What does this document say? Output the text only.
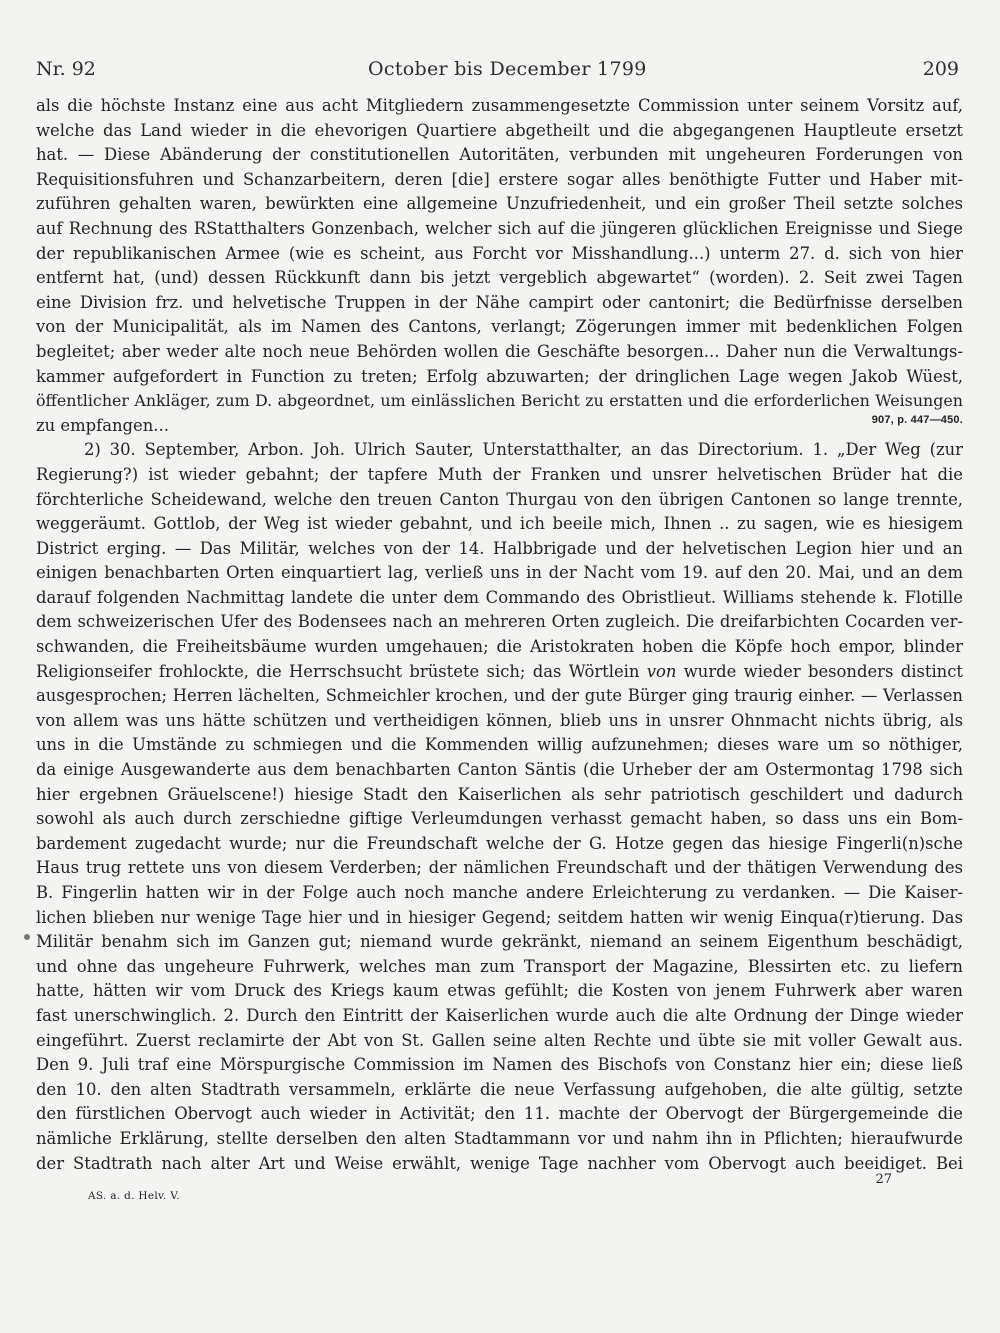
Nr. 92	October bis December 1799	209
als die höchste Instanz eine aus acht Mitgliedern zusammengesetzte Commission unter seinem Vorsitz auf,
welche das Land wieder in die ehevorigen Quartiere abgetheilt und die abgegangenen Hauptleute ersetzt
hat. — Diese Abänderung der constitutionellen Autoritäten, verbunden mit ungeheuren Forderungen von
Requisitionsfuhren und Schanzarbeitern, deren [die] erstere sogar alles benöthigte Futter und Haber mit-
zuführen gehalten waren, bewürkten eine allgemeine Unzufriedenheit, und ein großer Theil setzte solches
auf Rechnung des RStatthalters Gonzenbach, welcher sich auf die jüngeren glücklichen Ereignisse und Siege
der republikanischen Armee (wie es scheint, aus Forcht vor Misshandlung...) unterm 27. d. sich von hier
entfernt hat, (und) dessen Rückkunft dann bis jetzt vergeblich abgewartet“ (worden). 2. Seit zwei Tagen
eine Division frz. und helvetische Truppen in der Nähe campirt oder cantonirt; die Bedürfnisse derselben
von der Municipalität, als im Namen des Cantons, verlangt; Zögerungen immer mit bedenklichen Folgen
begleitet; aber weder alte noch neue Behörden wollen die Geschäfte besorgen... Daher nun die Verwaltungs-
kammer aufgefordert in Function zu treten; Erfolg abzuwarten; der dringlichen Lage wegen Jakob Wüest,
öffentlicher Ankläger, zum D. abgeordnet, um einlässlichen Bericht zu erstatten und die erforderlichen Weisungen
zu empfangen...	907, p. 447—450.
2) 30. September, Arbon. Joh. Ulrich Sauter, Unterstatthalter, an das Directorium. 1. „Der Weg (zur
Regierung?) ist wieder gebahnt; der tapfere Muth der Franken und unsrer helvetischen Brüder hat die
förchterliche Scheidewand, welche den treuen Canton Thurgau von den übrigen Cantonen so lange trennte,
weggeräumt. Gottlob, der Weg ist wieder gebahnt, und ich beeile mich, Ihnen .. zu sagen, wie es hiesigem
District erging. — Das Militär, welches von der 14. Halbbrigade und der helvetischen Legion hier und an
einigen benachbarten Orten einquartiert lag, verließ uns in der Nacht vom 19. auf den 20. Mai, und an dem
darauf folgenden Nachmittag landete die unter dem Commando des Obristlieut. Williams stehende k. Flotille
dem schweizerischen Ufer des Bodensees nach an mehreren Orten zugleich. Die dreifarbichten Cocarden ver-
schwanden, die Freiheitsbäume wurden umgehauen; die Aristokraten hoben die Köpfe hoch empor, blinder
Religionseifer frohlockte, die Herrschsucht brüstete sich; das Wörtlein von wurde wieder besonders distinct
ausgesprochen; Herren lächelten, Schmeichler krochen, und der gute Bürger ging traurig einher. — Verlassen
von allem was uns hätte schützen und vertheidigen können, blieb uns in unsrer Ohnmacht nichts übrig, als
uns in die Umstände zu schmiegen und die Kommenden willig aufzunehmen; dieses ware um so nöthiger,
da einige Ausgewanderte aus dem benachbarten Canton Säntis (die Urheber der am Ostermontag 1798 sich
hier ergebnen Gräuelscene!) hiesige Stadt den Kaiserlichen als sehr patriotisch geschildert und dadurch
sowohl als auch durch zerschiedne giftige Verleumdungen verhasst gemacht haben, so dass uns ein Bom-
bardement zugedacht wurde; nur die Freundschaft welche der G. Hotze gegen das hiesige Fingerli(n)sche
Haus trug rettete uns von diesem Verderben; der nämlichen Freundschaft und der thätigen Verwendung des
B. Fingerlin hatten wir in der Folge auch noch manche andere Erleichterung zu verdanken. — Die Kaiser-
lichen blieben nur wenige Tage hier und in hiesiger Gegend; seitdem hatten wir wenig Einqua(r)tierung. Das
Militär benahm sich im Ganzen gut; niemand wurde gekränkt, niemand an seinem Eigenthum beschädigt,
und ohne das ungeheure Fuhrwerk, welches man zum Transport der Magazine, Blessirten etc. zu liefern
hatte, hätten wir vom Druck des Kriegs kaum etwas gefühlt; die Kosten von jenem Fuhrwerk aber waren
fast unerschwinglich. 2. Durch den Eintritt der Kaiserlichen wurde auch die alte Ordnung der Dinge wieder
eingeführt. Zuerst reclamirte der Abt von St. Gallen seine alten Rechte und übte sie mit voller Gewalt aus.
Den 9. Juli traf eine Mörspurgische Commission im Namen des Bischofs von Constanz hier ein; diese ließ
den 10. den alten Stadtrath versammeln, erklärte die neue Verfassung aufgehoben, die alte gültig, setzte
den fürstlichen Obervogt auch wieder in Activität; den 11. machte der Obervogt der Bürgergemeinde die
nämliche Erklärung, stellte derselben den alten Stadtammann vor und nahm ihn in Pflichten; hieraufwurde
der Stadtrath nach alter Art und Weise erwählt, wenige Tage nachher vom Obervogt auch beeidiget. Bei
27
AS. a. d. Helv. V.
